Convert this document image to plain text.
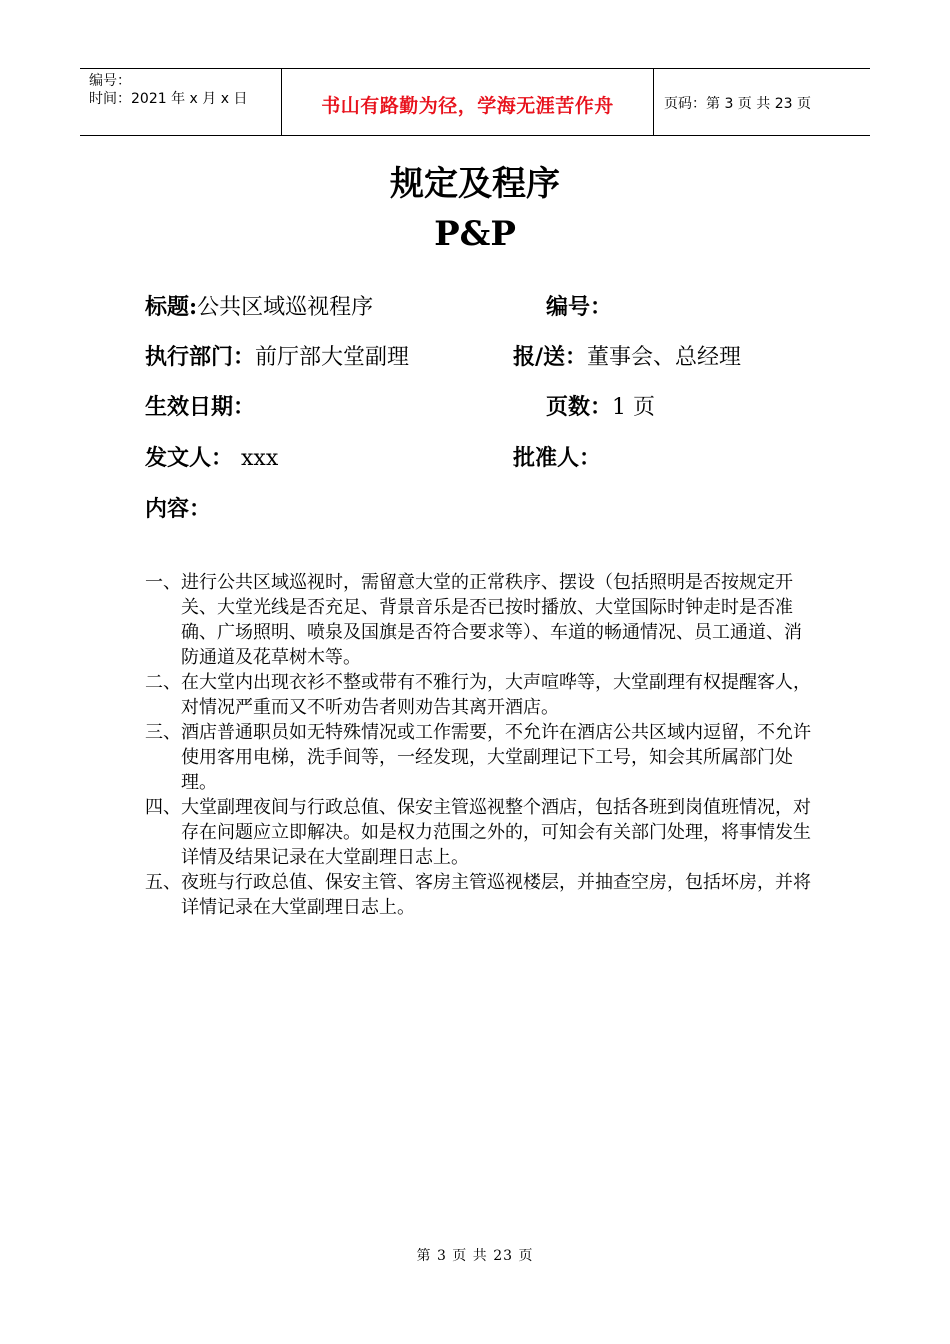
编号：
时间：2021 年 x 月 x 日	书山有路勤为径，学海无涯苦作舟	页码：第 3 页 共 23 页
规定及程序
P&P
标题:公共区域巡视程序	编号：
执行部门：前厅部大堂副理	报/送：董事会、总经理
生效日期：	页数：1 页
发文人： xxx	批准人：
内容：
一、 进行公共区域巡视时，需留意大堂的正常秩序、摆设（包括照明是否按规定开关、大堂光线是否充足、背景音乐是否已按时播放、大堂国际时钟走时是否准确、广场照明、喷泉及国旗是否符合要求等）、车道的畅通情况、员工通道、消防通道及花草树木等。
二、 在大堂内出现衣衫不整或带有不雅行为，大声喧哗等，大堂副理有权提醒客人，对情况严重而又不听劝告者则劝告其离开酒店。
三、 酒店普通职员如无特殊情况或工作需要，不允许在酒店公共区域内逗留，不允许使用客用电梯，洗手间等，一经发现，大堂副理记下工号，知会其所属部门处理。
四、 大堂副理夜间与行政总值、保安主管巡视整个酒店，包括各班到岗值班情况，对存在问题应立即解决。如是权力范围之外的，可知会有关部门处理，将事情发生详情及结果记录在大堂副理日志上。
五、 夜班与行政总值、保安主管、客房主管巡视楼层，并抽查空房，包括坏房，并将详情记录在大堂副理日志上。
第 3 页 共 23 页
